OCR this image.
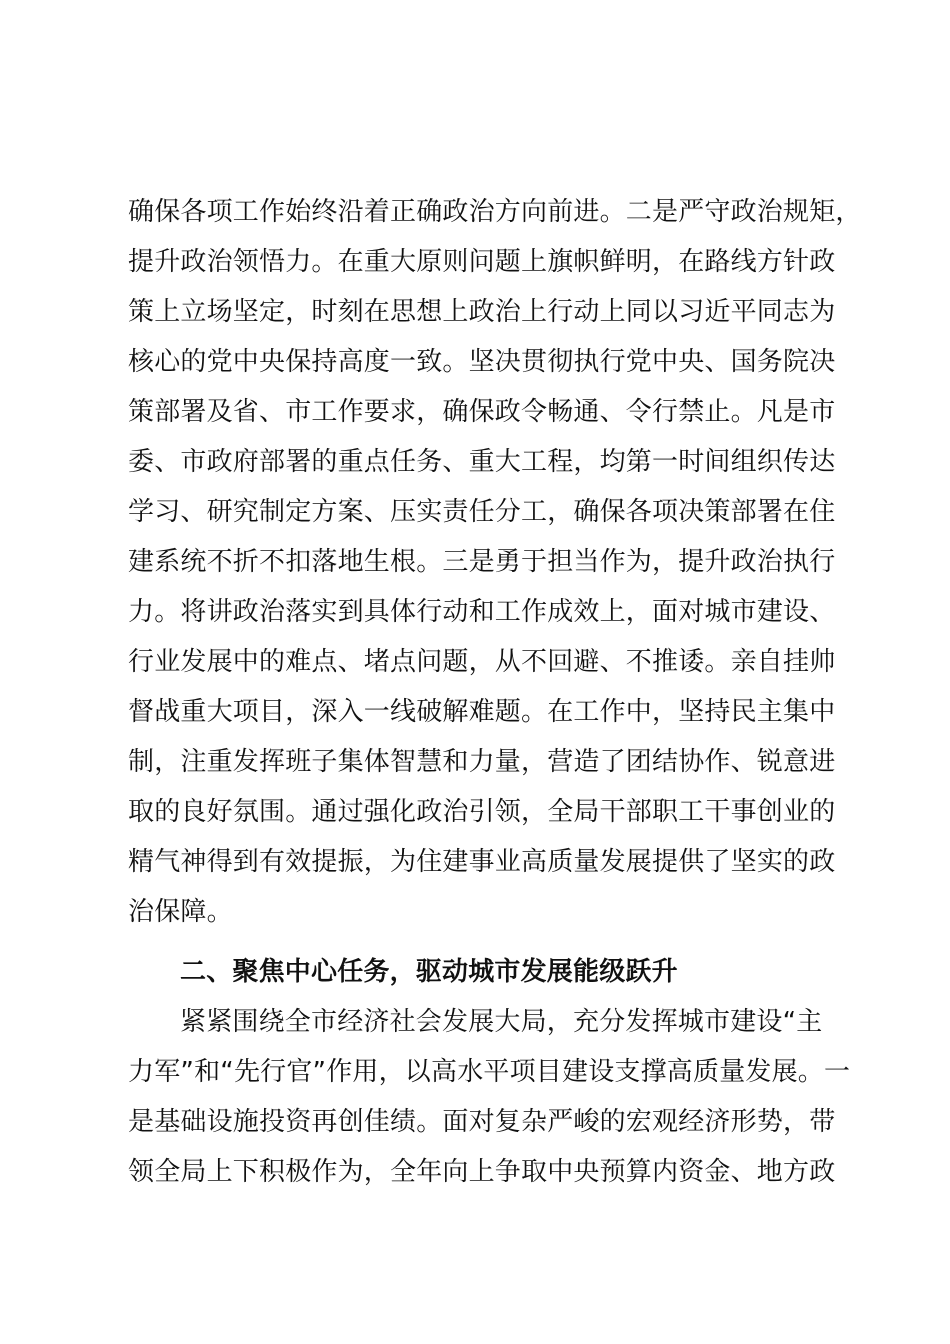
确保各项工作始终沿着正确政治方向前进。二是严守政治规矩，
提升政治领悟力。在重大原则问题上旗帜鲜明，在路线方针政
策上立场坚定，时刻在思想上政治上行动上同以习近平同志为
核心的党中央保持高度一致。坚决贯彻执行党中央、国务院决
策部署及省、市工作要求，确保政令畅通、令行禁止。凡是市
委、市政府部署的重点任务、重大工程，均第一时间组织传达
学习、研究制定方案、压实责任分工，确保各项决策部署在住
建系统不折不扣落地生根。三是勇于担当作为，提升政治执行
力。将讲政治落实到具体行动和工作成效上，面对城市建设、
行业发展中的难点、堵点问题，从不回避、不推诿。亲自挂帅
督战重大项目，深入一线破解难题。在工作中，坚持民主集中
制，注重发挥班子集体智慧和力量，营造了团结协作、锐意进
取的良好氛围。通过强化政治引领，全局干部职工干事创业的
精气神得到有效提振，为住建事业高质量发展提供了坚实的政
治保障。
二、聚焦中心任务，驱动城市发展能级跃升
紧紧围绕全市经济社会发展大局，充分发挥城市建设“主
力军”和“先行官”作用，以高水平项目建设支撑高质量发展。一
是基础设施投资再创佳绩。面对复杂严峻的宏观经济形势，带
领全局上下积极作为，全年向上争取中央预算内资金、地方政
